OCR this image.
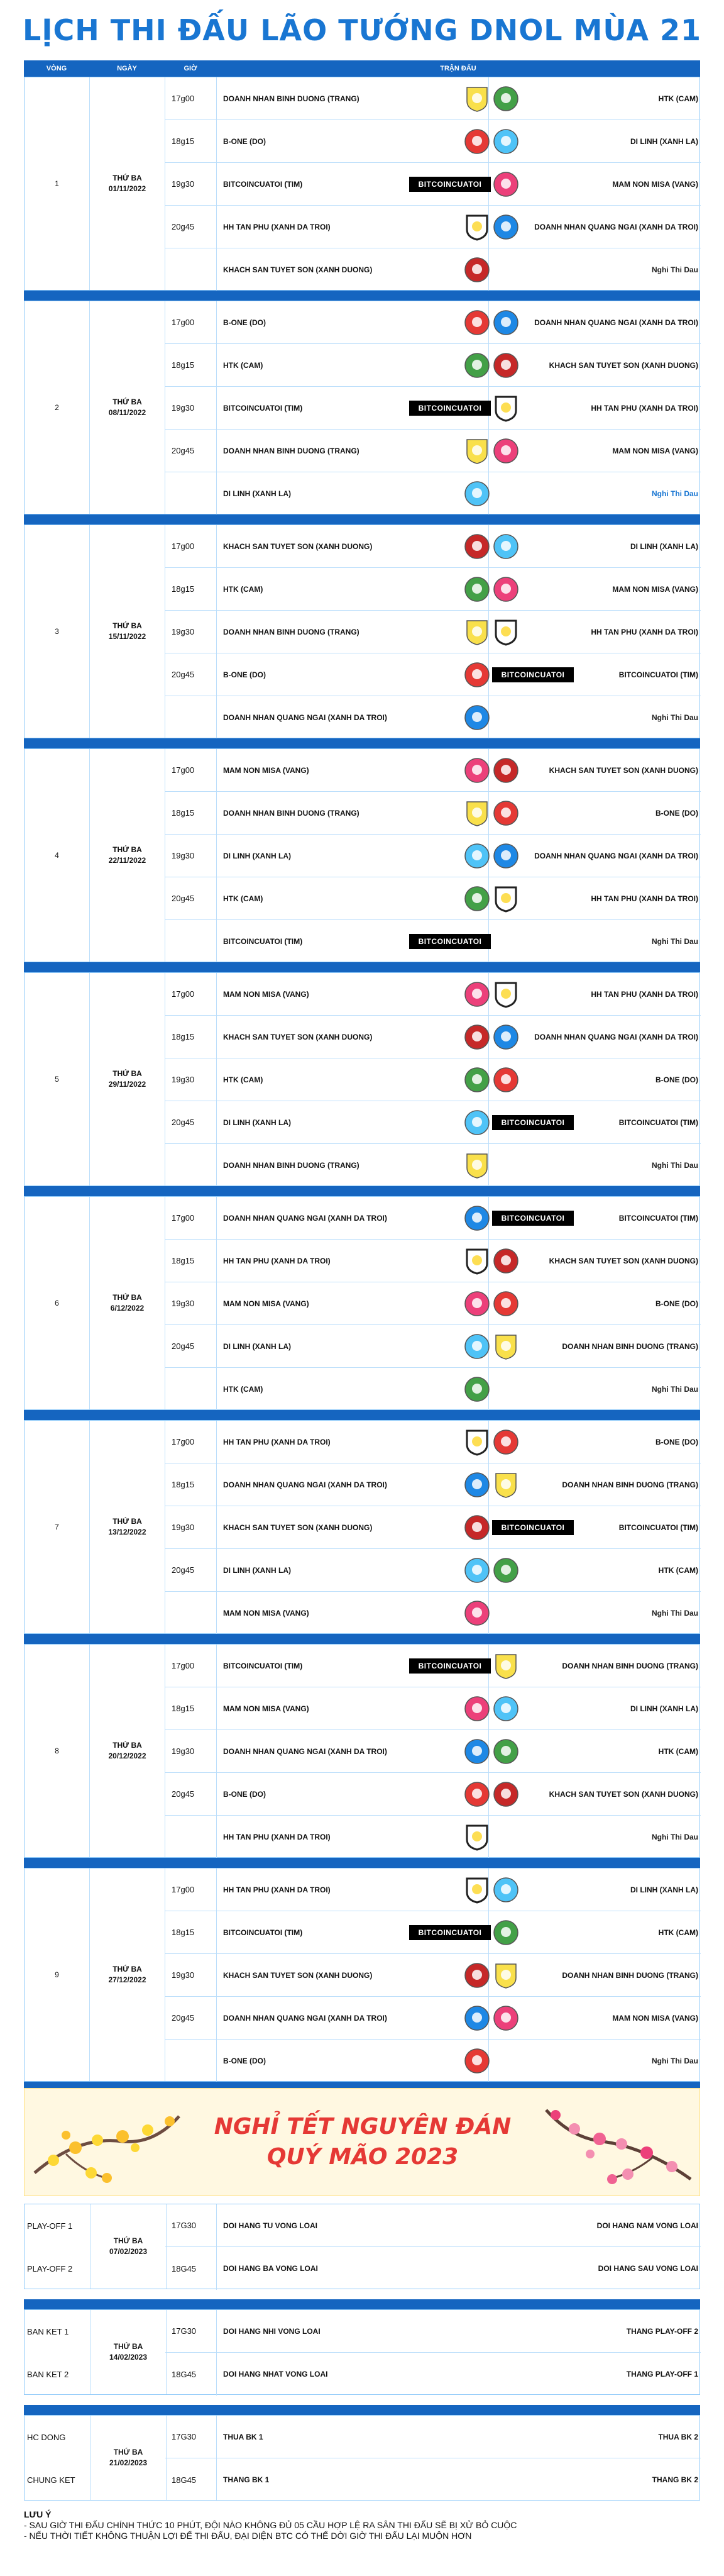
LỊCH THI ĐẤU LÃO TƯỚNG DNOL MÙA 21
VÒNG	NGÀY	GIỜ	TRẬN ĐẤU
1
THỨ BA
01/11/2022
17g00	DOANH NHAN BINH DUONG (TRANG)	HTK (CAM)
18g15	B-ONE (DO)	DI LINH (XANH LA)
19g30	BITCOINCUATOI (TIM)	BITCOINCUATOI	MAM NON MISA (VANG)
20g45	HH TAN PHU (XANH DA TROI)	DOANH NHAN QUANG NGAI (XANH DA TROI)
KHACH SAN TUYET SON (XANH DUONG)	Nghi Thi Dau
2
THỨ BA
08/11/2022
17g00	B-ONE (DO)	DOANH NHAN QUANG NGAI (XANH DA TROI)
18g15	HTK (CAM)	KHACH SAN TUYET SON (XANH DUONG)
19g30	BITCOINCUATOI (TIM)	BITCOINCUATOI	HH TAN PHU (XANH DA TROI)
20g45	DOANH NHAN BINH DUONG (TRANG)	MAM NON MISA (VANG)
DI LINH (XANH LA)	Nghi Thi Dau
3
THỨ BA
15/11/2022
17g00	KHACH SAN TUYET SON (XANH DUONG)	DI LINH (XANH LA)
18g15	HTK (CAM)	MAM NON MISA (VANG)
19g30	DOANH NHAN BINH DUONG (TRANG)	HH TAN PHU (XANH DA TROI)
20g45	B-ONE (DO)	BITCOINCUATOI	BITCOINCUATOI (TIM)
DOANH NHAN QUANG NGAI (XANH DA TROI)	Nghi Thi Dau
4
THỨ BA
22/11/2022
17g00	MAM NON MISA (VANG)	KHACH SAN TUYET SON (XANH DUONG)
18g15	DOANH NHAN BINH DUONG (TRANG)	B-ONE (DO)
19g30	DI LINH (XANH LA)	DOANH NHAN QUANG NGAI (XANH DA TROI)
20g45	HTK (CAM)	HH TAN PHU (XANH DA TROI)
BITCOINCUATOI (TIM)	BITCOINCUATOI	Nghi Thi Dau
5
THỨ BA
29/11/2022
17g00	MAM NON MISA (VANG)	HH TAN PHU (XANH DA TROI)
18g15	KHACH SAN TUYET SON (XANH DUONG)	DOANH NHAN QUANG NGAI (XANH DA TROI)
19g30	HTK (CAM)	B-ONE (DO)
20g45	DI LINH (XANH LA)	BITCOINCUATOI	BITCOINCUATOI (TIM)
DOANH NHAN BINH DUONG (TRANG)	Nghi Thi Dau
6
THỨ BA
6/12/2022
17g00	DOANH NHAN QUANG NGAI (XANH DA TROI)	BITCOINCUATOI	BITCOINCUATOI (TIM)
18g15	HH TAN PHU (XANH DA TROI)	KHACH SAN TUYET SON (XANH DUONG)
19g30	MAM NON MISA (VANG)	B-ONE (DO)
20g45	DI LINH (XANH LA)	DOANH NHAN BINH DUONG (TRANG)
HTK (CAM)	Nghi Thi Dau
7
THỨ BA
13/12/2022
17g00	HH TAN PHU (XANH DA TROI)	B-ONE (DO)
18g15	DOANH NHAN QUANG NGAI (XANH DA TROI)	DOANH NHAN BINH DUONG (TRANG)
19g30	KHACH SAN TUYET SON (XANH DUONG)	BITCOINCUATOI	BITCOINCUATOI (TIM)
20g45	DI LINH (XANH LA)	HTK (CAM)
MAM NON MISA (VANG)	Nghi Thi Dau
8
THỨ BA
20/12/2022
17g00	BITCOINCUATOI (TIM)	BITCOINCUATOI	DOANH NHAN BINH DUONG (TRANG)
18g15	MAM NON MISA (VANG)	DI LINH (XANH LA)
19g30	DOANH NHAN QUANG NGAI (XANH DA TROI)	HTK (CAM)
20g45	B-ONE (DO)	KHACH SAN TUYET SON (XANH DUONG)
HH TAN PHU (XANH DA TROI)	Nghi Thi Dau
9
THỨ BA
27/12/2022
17g00	HH TAN PHU (XANH DA TROI)	DI LINH (XANH LA)
18g15	BITCOINCUATOI (TIM)	BITCOINCUATOI	HTK (CAM)
19g30	KHACH SAN TUYET SON (XANH DUONG)	DOANH NHAN BINH DUONG (TRANG)
20g45	DOANH NHAN QUANG NGAI (XANH DA TROI)	MAM NON MISA (VANG)
B-ONE (DO)	Nghi Thi Dau
NGHỈ TẾT NGUYÊN ĐÁN
QUÝ MÃO 2023
THỨ BA
07/02/2023
PLAY-OFF 1	17G30	DOI HANG TU VONG LOAI	DOI HANG NAM VONG LOAI
PLAY-OFF 2	18G45	DOI HANG BA VONG LOAI	DOI HANG SAU VONG LOAI
THỨ BA
14/02/2023
BAN KET 1	17G30	DOI HANG NHI VONG LOAI	THANG PLAY-OFF 2
BAN KET 2	18G45	DOI HANG NHAT VONG LOAI	THANG PLAY-OFF 1
THỨ BA
21/02/2023
HC DONG	17G30	THUA BK 1	THUA BK 2
CHUNG KET	18G45	THANG BK 1	THANG BK 2
LƯU Ý
- SAU GIỜ THI ĐẤU CHÍNH THỨC 10 PHÚT, ĐỘI NÀO KHÔNG ĐỦ 05 CẦU HỢP LỆ RA SÂN THI ĐẤU SẼ BỊ XỬ BỎ CUỘC
- NẾU THỜI TIẾT KHÔNG THUẬN LỢI ĐỂ THI ĐẤU, ĐẠI DIỆN BTC CÓ THỂ DỜI GIỜ THI ĐẤU LẠI MUỘN HƠN
